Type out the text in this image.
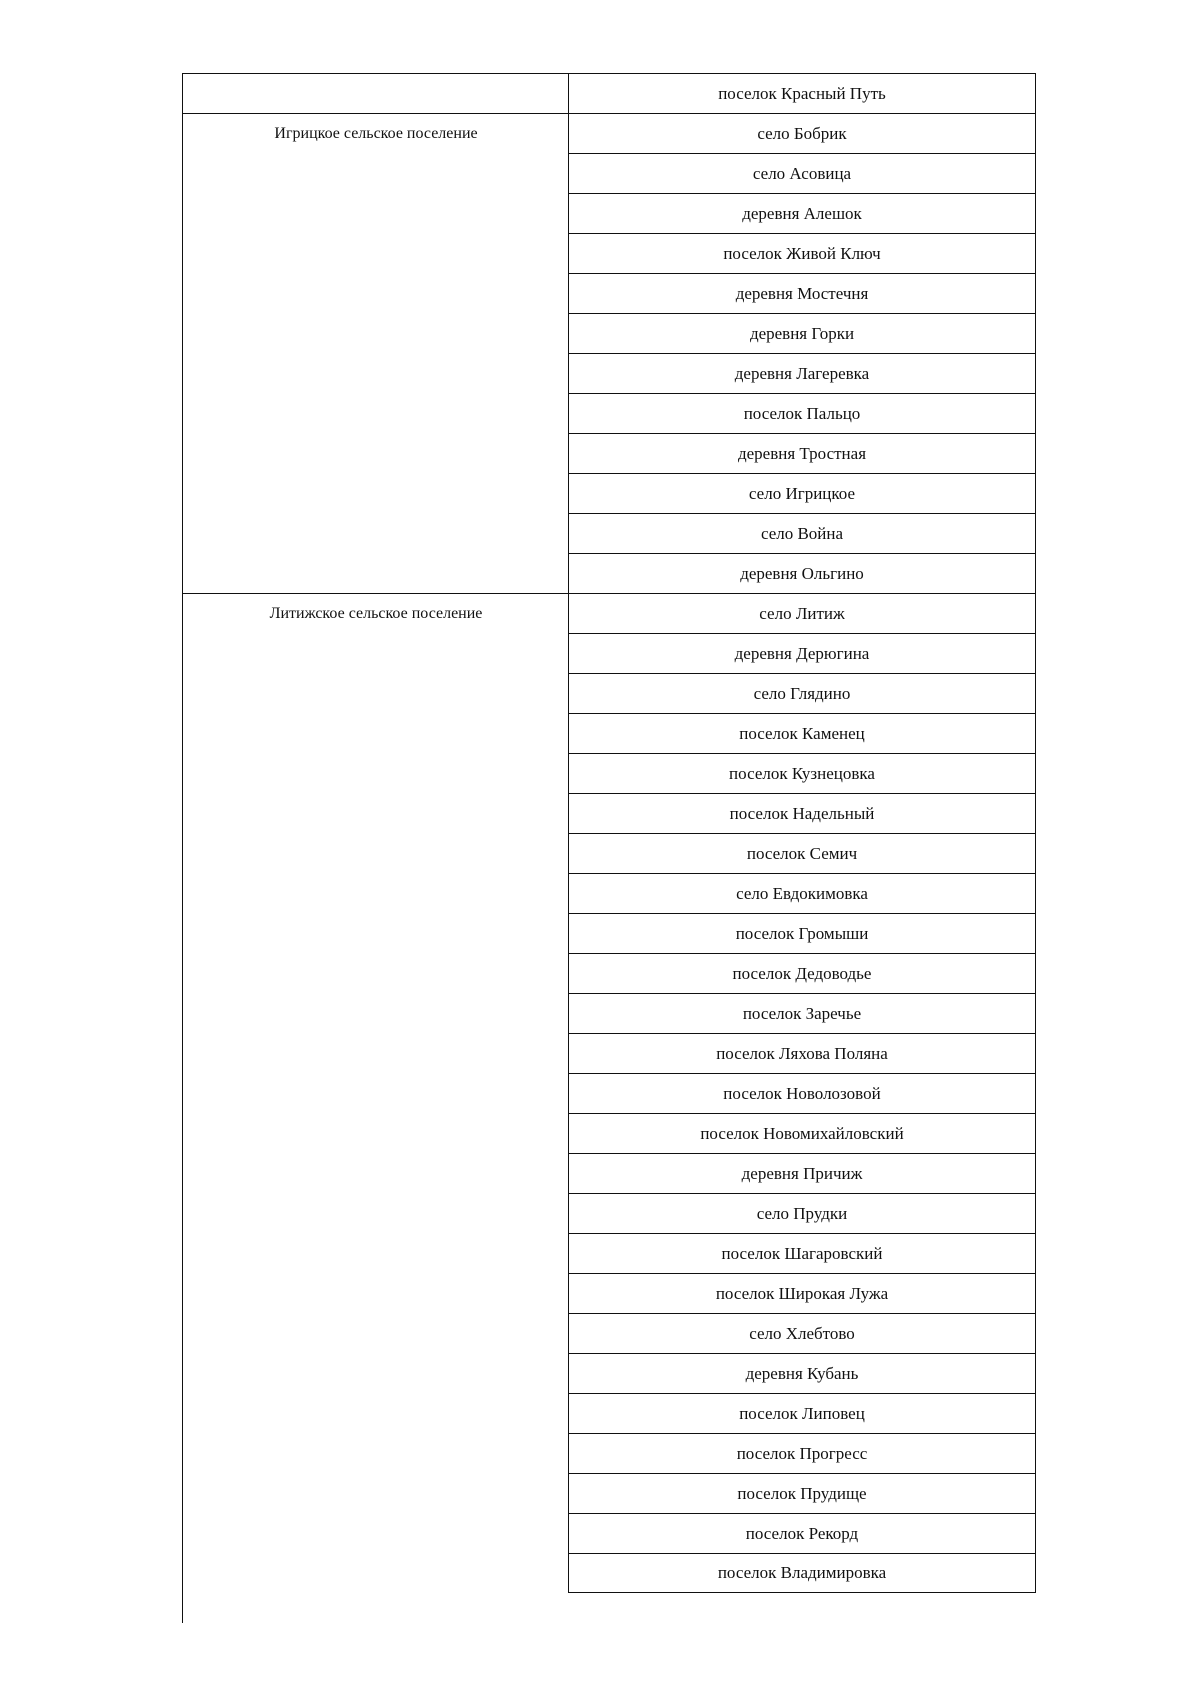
Игрицкое сельское поселение
Литижское сельское поселение
поселок Красный Путь
село Бобрик
село Асовица
деревня Алешок
поселок Живой Ключ
деревня Мостечня
деревня Горки
деревня Лагеревка
поселок Пальцо
деревня Тростная
село Игрицкое
село Война
деревня Ольгино
село Литиж
деревня Дерюгина
село Глядино
поселок Каменец
поселок Кузнецовка
поселок Надельный
поселок Семич
село Евдокимовка
поселок Громыши
поселок Дедоводье
поселок Заречье
поселок Ляхова Поляна
поселок Новолозовой
поселок Новомихайловский
деревня Причиж
село Прудки
поселок Шагаровский
поселок Широкая Лужа
село Хлебтово
деревня Кубань
поселок Липовец
поселок Прогресс
поселок Прудище
поселок Рекорд
поселок Владимировка
